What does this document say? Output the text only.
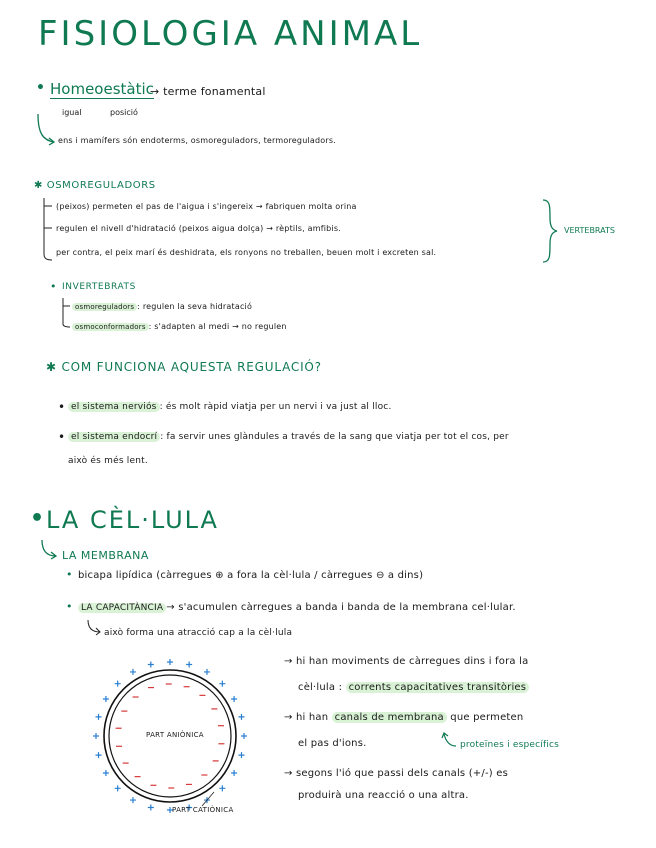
FISIOLOGIA ANIMAL
• Homeoestàtic
→ terme fonamental
igual	posició
ens i mamífers són endoterms, osmoreguladors, termoreguladors.
✱ OSMOREGULADORS
(peixos) permeten el pas de l'aigua i s'ingereix → fabriquen molta orina
regulen el nivell d'hidratació (peixos aigua dolça) → rèptils, amfibis.
per contra, el peix marí és deshidrata, els ronyons no treballen, beuen molt i excreten sal.
VERTEBRATS
• INVERTEBRATS
osmoreguladors : regulen la seva hidratació
osmoconformadors : s'adapten al medi → no regulen
✱ COM FUNCIONA AQUESTA REGULACIÓ?
• el sistema nerviós : és molt ràpid viatja per un nervi i va just al lloc.
• el sistema endocrí : fa servir unes glàndules a través de la sang que viatja per tot el cos, per
això és més lent.
• LA CÈL·LULA
LA MEMBRANA
• bicapa lipídica (càrregues ⊕ a fora la cèl·lula / càrregues ⊖ a dins)
• LA CAPACITÀNCIA → s'acumulen càrregues a banda i banda de la membrana cel·lular.
això forma una atracció cap a la cèl·lula
PART ANIÒNICA
PART CATIÒNICA
→ hi han moviments de càrregues dins i fora la
cèl·lula : corrents capacitatives transitòries
→ hi han canals de membrana que permeten
el pas d'ions.	proteïnes i específics
→ segons l'ió que passi dels canals (+/-) es
produirà una reacció o una altra.
